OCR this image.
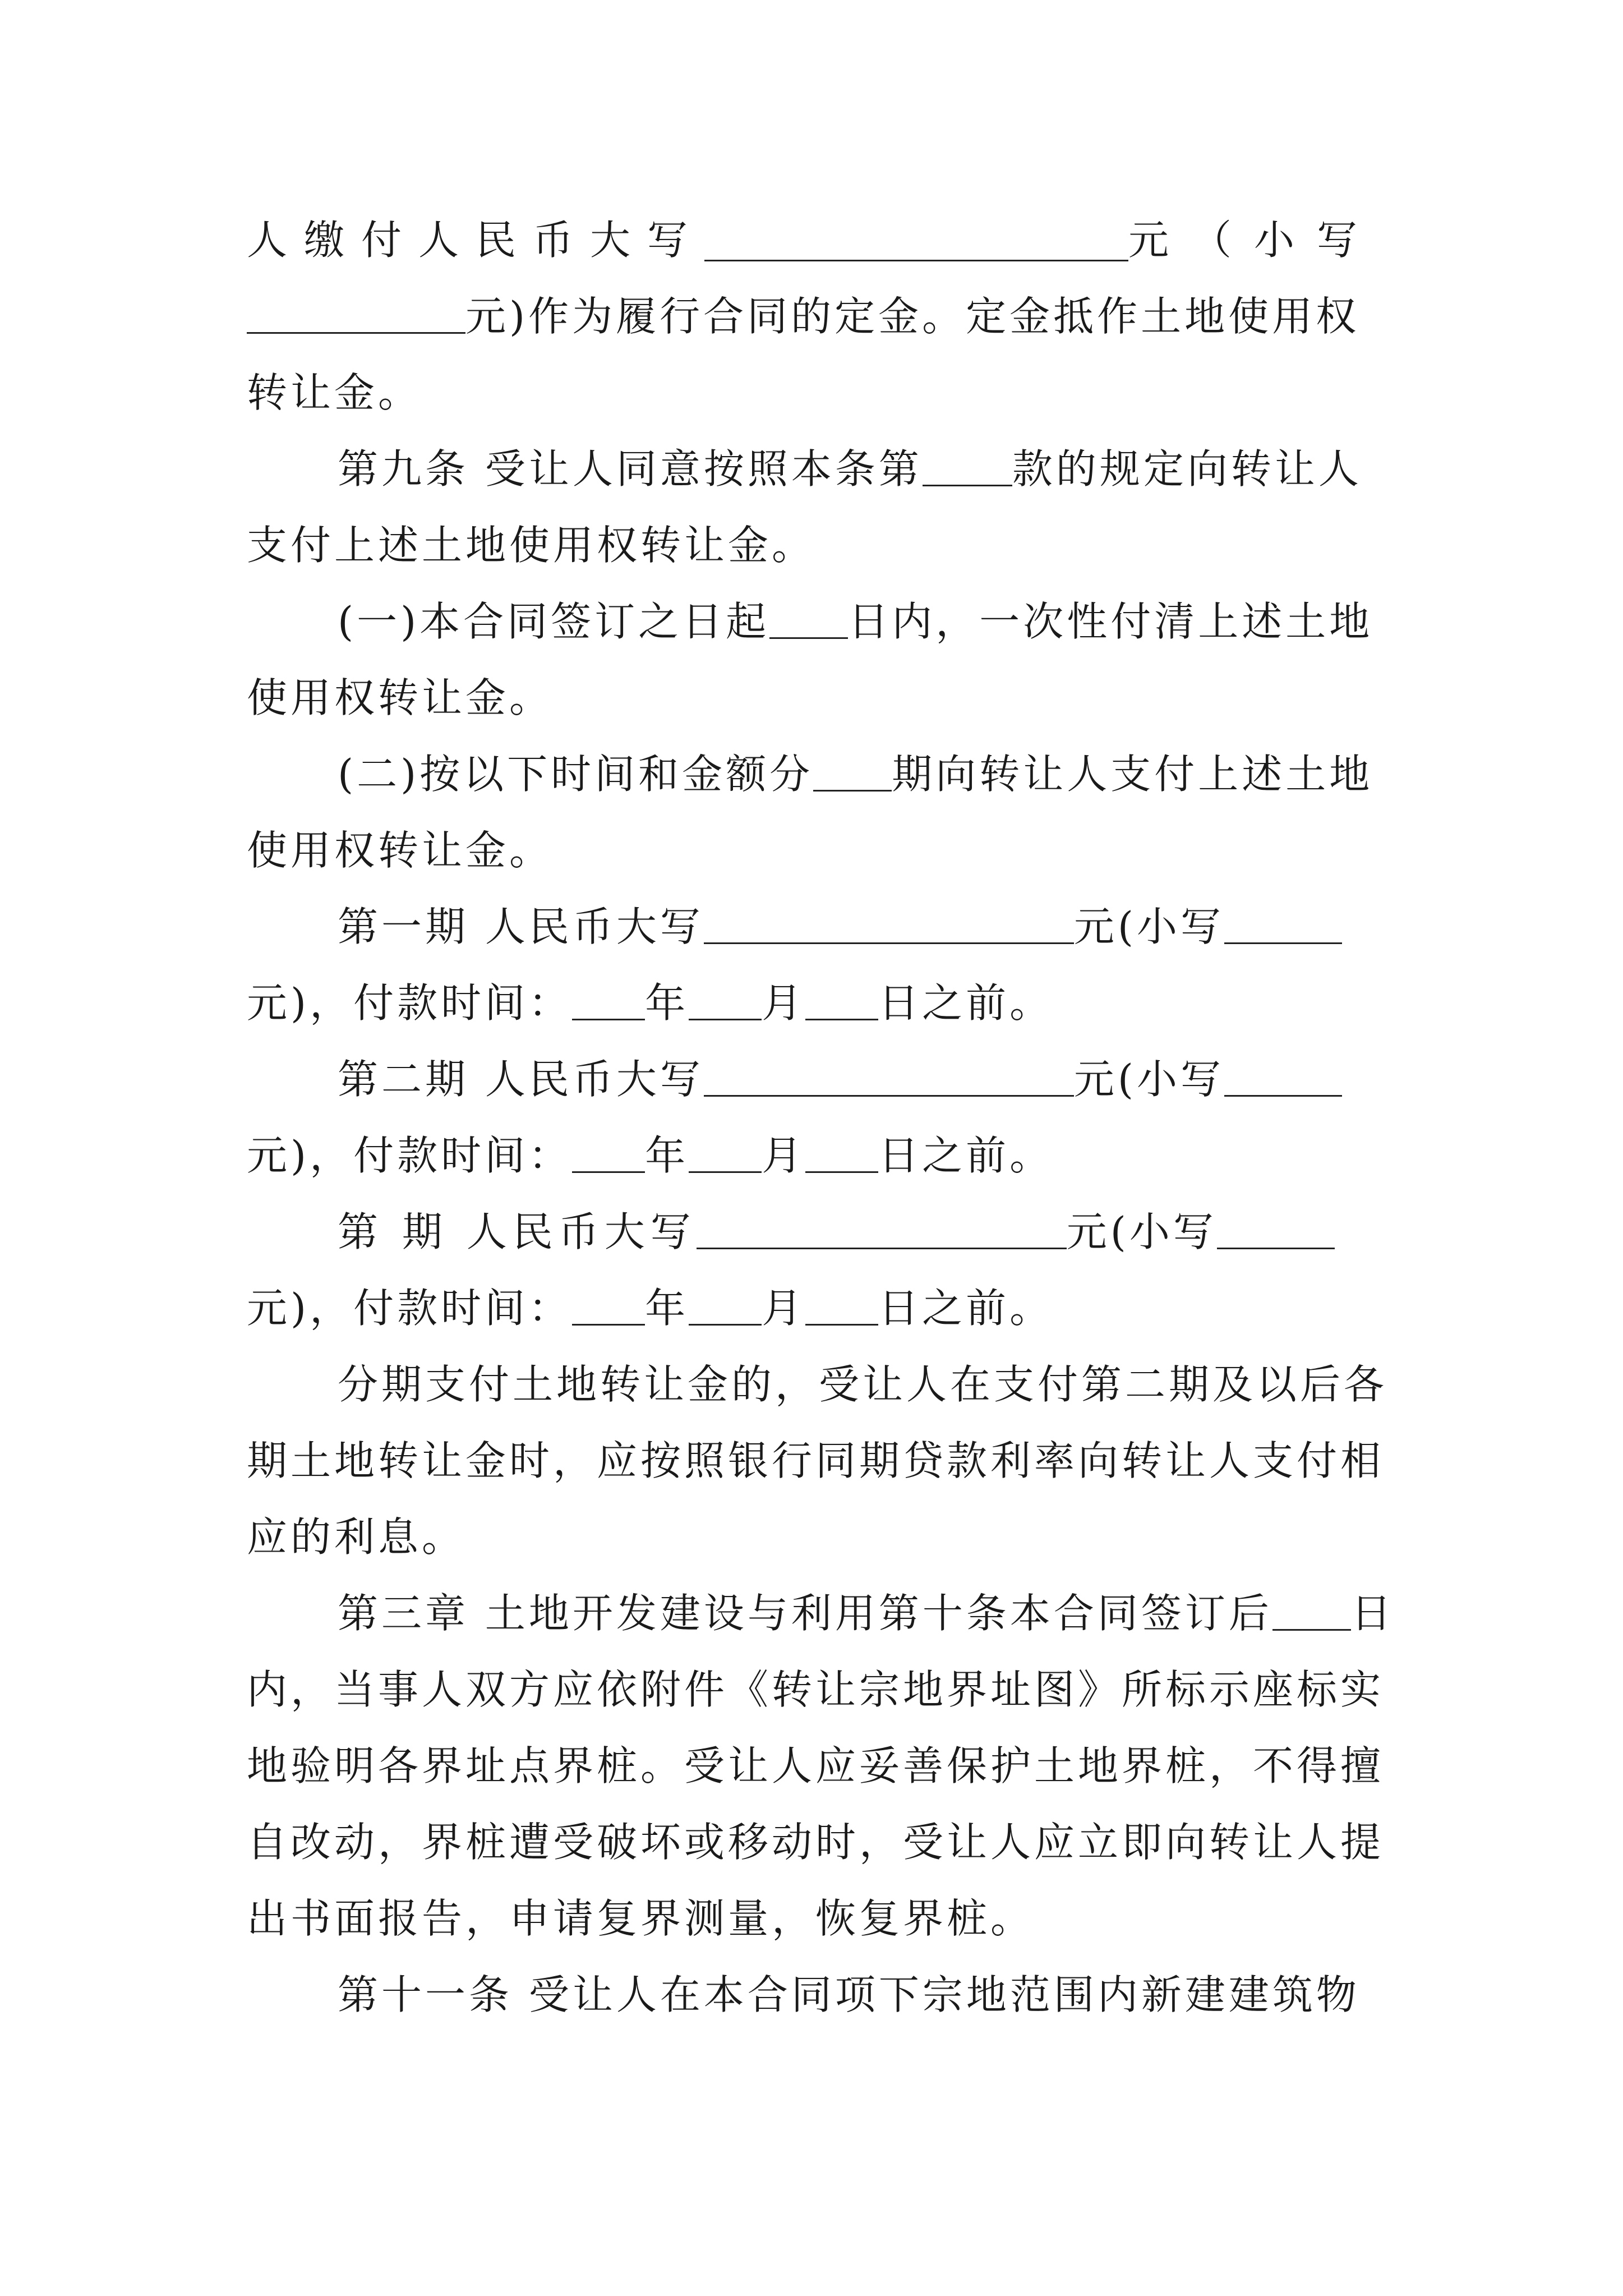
人缴付人民币大写	元（小写
元)作为履行合同的定金。定金抵作土地使用权
转让金。
第九条 受让人同意按照本条第 款的规定向转让人
支付上述土地使用权转让金。
(一)本合同签订之日起 日内，一次性付清上述土地
使用权转让金。
(二)按以下时间和金额分 期向转让人支付上述土地
使用权转让金。
第一期 人民币大写	元(小写
元)，付款时间： 年 月 日之前。
第二期 人民币大写	元(小写
元)，付款时间： 年 月 日之前。
第 期 人民币大写	元(小写
元)，付款时间： 年 月 日之前。
分期支付土地转让金的，受让人在支付第二期及以后各
期土地转让金时，应按照银行同期贷款利率向转让人支付相
应的利息。
第三章 土地开发建设与利用第十条本合同签订后 日
内，当事人双方应依附件《转让宗地界址图》所标示座标实
地验明各界址点界桩。受让人应妥善保护土地界桩，不得擅
自改动，界桩遭受破坏或移动时，受让人应立即向转让人提
出书面报告，申请复界测量，恢复界桩。
第十一条 受让人在本合同项下宗地范围内新建建筑物
